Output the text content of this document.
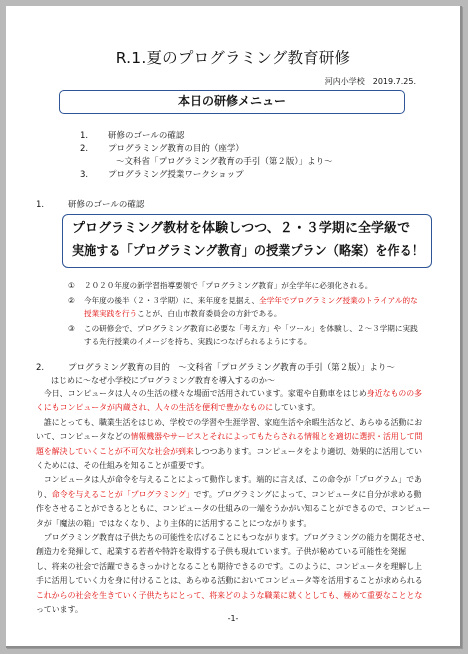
R.1.夏のプログラミング教育研修
河内小学校　2019.7.25.
本日の研修メニュー
1. 研修のゴールの確認
2. プログラミング教育の目的（座学）
～文科省「プログラミング教育の手引（第２版）」より～
3. プログラミング授業ワークショップ
1.	研修のゴールの確認
プログラミング教材を体験しつつ、２・３学期に全学級で
実施する「プログラミング教育」の授業プラン（略案）を作る！
① ２０２０年度の新学習指導要領で「プログラミング教育」が全学年に必須化される。
② 今年度の後半（２・３学期）に、来年度を見据え、全学年でプログラミング授業のトライアル的な
授業実践を行うことが、白山市教育委員会の方針である。
③ この研修会で、プログラミング教育に必要な「考え方」や「ツール」を体験し、２～３学期に実践
する先行授業のイメージを持ち、実践につなげられるようにする。
2.	プログラミング教育の目的　～文科省「プログラミング教育の手引（第２版）」より～
はじめに～なぜ小学校にプログラミング教育を導入するのか～
　今日、コンピュータは人々の生活の様々な場面で活用されています。家電や自動車をはじめ身近なものの多
くにもコンピュータが内蔵され、人々の生活を便利で豊かなものにしています。
　誰にとっても、職業生活をはじめ、学校での学習や生涯学習、家庭生活や余暇生活など、あらゆる活動にお
いて、コンピュータなどの情報機器やサービスとそれによってもたらされる情報とを適切に選択・活用して問
題を解決していくことが不可欠な社会が到来しつつあります。コンピュータをより適切、効果的に活用してい
くためには、その仕組みを知ることが重要です。
　コンピュータは人が命令を与えることによって動作します。端的に言えば、この命令が「プログラム」であ
り、命令を与えることが「プログラミング」です。プログラミングによって、コンピュータに自分が求める動
作をさせることができるとともに、コンピュータの仕組みの一端をうかがい知ることができるので、コンピュー
タが「魔法の箱」ではなくなり、より主体的に活用することにつながります。
　プログラミング教育は子供たちの可能性を広げることにもつながります。プログラミングの能力を開花させ、
創造力を発揮して、起業する若者や特許を取得する子供も現れています。子供が秘めている可能性を発掘
し、将来の社会で活躍できるきっかけとなることも期待できるのです。このように、コンピュータを理解し上
手に活用していく力を身に付けることは、あらゆる活動においてコンピュータ等を活用することが求められる
これからの社会を生きていく子供たちにとって、将来どのような職業に就くとしても、極めて重要なこととな
っています。
-1-
